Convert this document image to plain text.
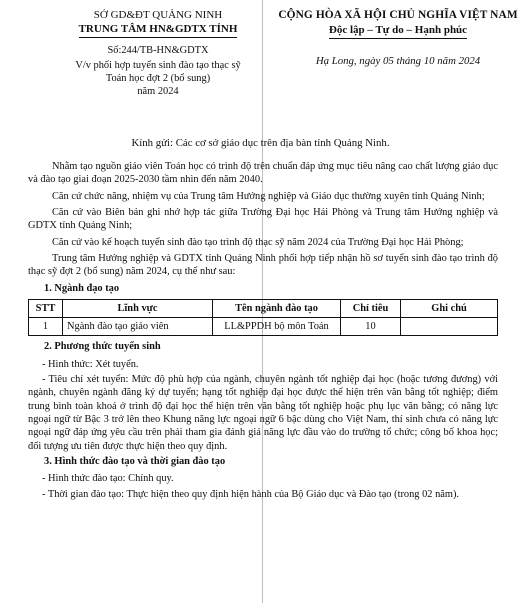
SỞ GD&ĐT QUẢNG NINH
TRUNG TÂM HN&GDTX TỈNH
Số:244/TB-HN&GDTX
V/v phối hợp tuyển sinh đào tạo thạc sỹ
Toán học đợt 2 (bổ sung)
năm 2024
CỘNG HÒA XÃ HỘI CHỦ NGHĨA VIỆT NAM
Độc lập – Tự do – Hạnh phúc
Hạ Long, ngày 05 tháng 10 năm 2024
Kính gửi: Các cơ sở giáo dục trên địa bàn tỉnh Quảng Ninh.

Nhằm tạo nguồn giáo viên Toán học có trình độ trên chuẩn đáp ứng mục tiêu nâng cao chất lượng giáo dục và đào tạo giai đoạn 2025-2030 tầm nhìn đến năm 2040.

Căn cứ chức năng, nhiệm vụ của Trung tâm Hướng nghiệp và Giáo dục thường xuyên tỉnh Quảng Ninh;

Căn cứ vào Biên bản ghi nhớ hợp tác giữa Trường Đại học Hải Phòng và Trung tâm Hướng nghiệp và GDTX tỉnh Quảng Ninh;

Căn cứ vào kế hoạch tuyển sinh đào tạo trình độ thạc sỹ năm 2024 của Trường Đại học Hải Phòng;

Trung tâm Hướng nghiệp và GDTX tỉnh Quảng Ninh phối hợp tiếp nhận hồ sơ tuyển sinh đào tạo trình độ thạc sỹ đợt 2 (bổ sung) năm 2024, cụ thể như sau:

1. Ngành đạo tạo
STT	Lĩnh vực	Tên ngành đào tạo	Chỉ tiêu	Ghi chú
1	Ngành đào tạo giáo viên	LL&PPDH bộ môn Toán	10	
2. Phương thức tuyển sinh
- Hình thức: Xét tuyển.
- Tiêu chí xét tuyển: Mức độ phù hợp của ngành, chuyên ngành tốt nghiệp đại học (hoặc tương đương) với ngành, chuyên ngành đăng ký dự tuyển; hạng tốt nghiệp đại học được thể hiện trên văn bằng tốt nghiệp; điểm trung bình toàn khoá ở trình độ đại học thể hiện trên văn bằng tốt nghiệp hoặc phụ lục văn bằng; có năng lực ngoại ngữ từ Bậc 3 trở lên theo Khung năng lực ngoại ngữ 6 bậc dùng cho Việt Nam, thí sinh chưa có năng lực ngoại ngữ đáp ứng yêu cầu trên phải tham gia đánh giá năng lực đầu vào do trường tổ chức; công bố khoa học; đối tượng ưu tiên được thực hiện theo quy định.
3. Hình thức đào tạo và thời gian đào tạo
- Hình thức đào tạo: Chính quy.
- Thời gian đào tạo: Thực hiện theo quy định hiện hành của Bộ Giáo dục và Đào tạo (trong 02 năm).
